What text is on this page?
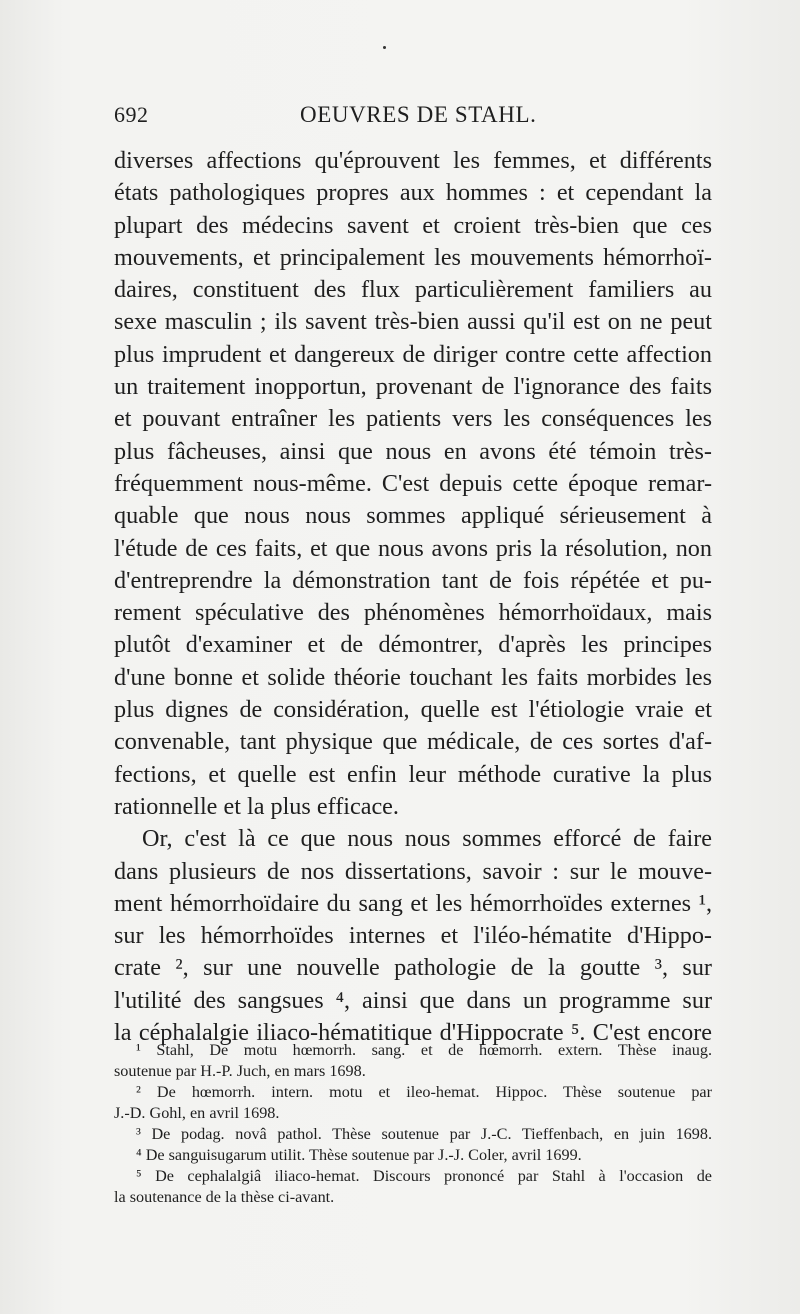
692	OEUVRES DE STAHL.
diverses affections qu'éprouvent les femmes, et différents
états pathologiques propres aux hommes : et cependant la
plupart des médecins savent et croient très-bien que ces
mouvements, et principalement les mouvements hémorrhoï-
daires, constituent des flux particulièrement familiers au
sexe masculin ; ils savent très-bien aussi qu'il est on ne peut
plus imprudent et dangereux de diriger contre cette affection
un traitement inopportun, provenant de l'ignorance des faits
et pouvant entraîner les patients vers les conséquences les
plus fâcheuses, ainsi que nous en avons été témoin très-
fréquemment nous-même. C'est depuis cette époque remar-
quable que nous nous sommes appliqué sérieusement à
l'étude de ces faits, et que nous avons pris la résolution, non
d'entreprendre la démonstration tant de fois répétée et pu-
rement spéculative des phénomènes hémorrhoïdaux, mais
plutôt d'examiner et de démontrer, d'après les principes
d'une bonne et solide théorie touchant les faits morbides les
plus dignes de considération, quelle est l'étiologie vraie et
convenable, tant physique que médicale, de ces sortes d'af-
fections, et quelle est enfin leur méthode curative la plus
rationnelle et la plus efficace.
Or, c'est là ce que nous nous sommes efforcé de faire
dans plusieurs de nos dissertations, savoir : sur le mouve-
ment hémorrhoïdaire du sang et les hémorrhoïdes externes ¹,
sur les hémorrhoïdes internes et l'iléo-hématite d'Hippo-
crate ², sur une nouvelle pathologie de la goutte ³, sur
l'utilité des sangsues ⁴, ainsi que dans un programme sur
la céphalalgie iliaco-hématitique d'Hippocrate ⁵. C'est encore
¹ Stahl, De motu hœmorrh. sang. et de hœmorrh. extern. Thèse inaug.
soutenue par H.-P. Juch, en mars 1698.
² De hœmorrh. intern. motu et ileo-hemat. Hippoc. Thèse soutenue par
J.-D. Gohl, en avril 1698.
³ De podag. novâ pathol. Thèse soutenue par J.-C. Tieffenbach, en juin 1698.
⁴ De sanguisugarum utilit. Thèse soutenue par J.-J. Coler, avril 1699.
⁵ De cephalalgiâ iliaco-hemat. Discours prononcé par Stahl à l'occasion de
la soutenance de la thèse ci-avant.
